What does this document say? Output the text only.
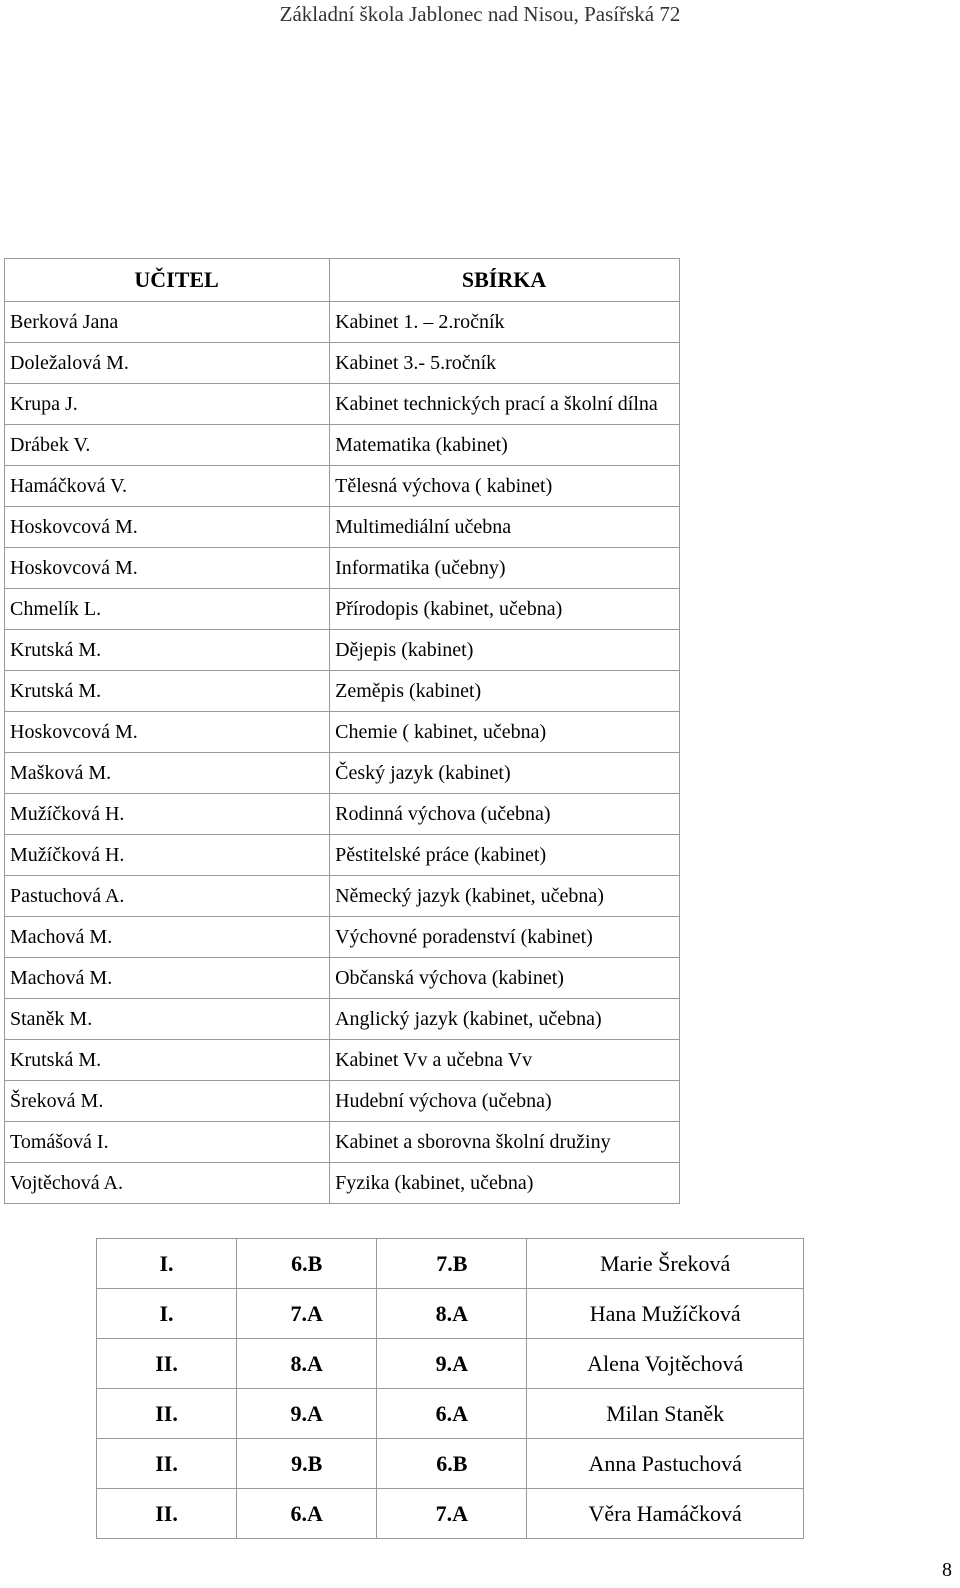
Základní škola Jablonec nad Nisou, Pasířská 72
UČITEL	SBÍRKA
Berková Jana	Kabinet 1. – 2.ročník
Doležalová M.	Kabinet 3.- 5.ročník
Krupa J.	Kabinet technických prací a školní dílna
Drábek V.	Matematika (kabinet)
Hamáčková V.	Tělesná výchova ( kabinet)
Hoskovcová M.	Multimediální učebna
Hoskovcová M.	Informatika (učebny)
Chmelík L.	Přírodopis (kabinet, učebna)
Krutská M.	Dějepis (kabinet)
Krutská M.	Zeměpis (kabinet)
Hoskovcová M.	Chemie ( kabinet, učebna)
Mašková M.	Český jazyk (kabinet)
Mužíčková H.	Rodinná výchova (učebna)
Mužíčková H.	Pěstitelské práce (kabinet)
Pastuchová A.	Německý jazyk (kabinet, učebna)
Machová M.	Výchovné poradenství (kabinet)
Machová M.	Občanská výchova (kabinet)
Staněk M.	Anglický jazyk (kabinet, učebna)
Krutská M.	Kabinet Vv a učebna Vv
Šreková M.	Hudební výchova (učebna)
Tomášová I.	Kabinet a sborovna školní družiny
Vojtěchová A.	Fyzika (kabinet, učebna)
I.	6.B	7.B	Marie Šreková
I.	7.A	8.A	Hana Mužíčková
II.	8.A	9.A	Alena Vojtěchová
II.	9.A	6.A	Milan Staněk
II.	9.B	6.B	Anna Pastuchová
II.	6.A	7.A	Věra Hamáčková
8
